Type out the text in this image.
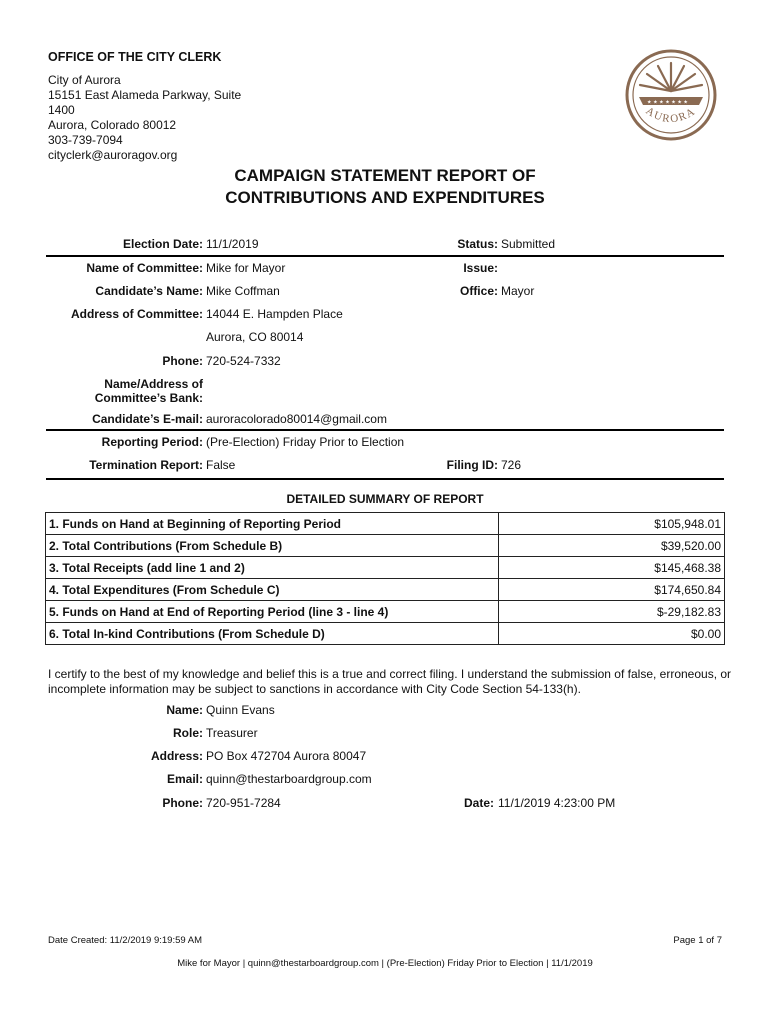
OFFICE OF THE CITY CLERK
City of Aurora
15151 East Alameda Parkway, Suite
1400
Aurora, Colorado 80012
303-739-7094
cityclerk@auroragov.org
★ ★ ★ ★ ★ ★ ★
AURORA
CAMPAIGN STATEMENT REPORT OF
CONTRIBUTIONS AND EXPENDITURES
Election Date: 11/1/2019	Status: Submitted
Name of Committee: Mike for Mayor	Issue:
Candidate’s Name: Mike Coffman	Office: Mayor
Address of Committee: 14044 E. Hampden Place
Aurora, CO 80014
Phone: 720-524-7332
Name/Address of
Committee’s Bank:
Candidate’s E-mail: auroracolorado80014@gmail.com
Reporting Period: (Pre-Election) Friday Prior to Election
Termination Report: False	Filing ID: 726
DETAILED SUMMARY OF REPORT
1. Funds on Hand at Beginning of Reporting Period	$105,948.01
2. Total Contributions (From Schedule B)	$39,520.00
3. Total Receipts (add line 1 and 2)	$145,468.38
4. Total Expenditures (From Schedule C)	$174,650.84
5. Funds on Hand at End of Reporting Period (line 3 - line 4)	$-29,182.83
6. Total In-kind Contributions (From Schedule D)	$0.00
I certify to the best of my knowledge and belief this is a true and correct filing. I understand the submission of false, erroneous, or incomplete information may be subject to sanctions in accordance with City Code Section 54-133(h).
Name: Quinn Evans
Role: Treasurer
Address: PO Box 472704 Aurora 80047
Email: quinn@thestarboardgroup.com
Phone: 720-951-7284	Date: 11/1/2019 4:23:00 PM
Date Created: 11/2/2019 9:19:59 AM	Page 1 of 7
Mike for Mayor | quinn@thestarboardgroup.com | (Pre-Election) Friday Prior to Election | 11/1/2019
